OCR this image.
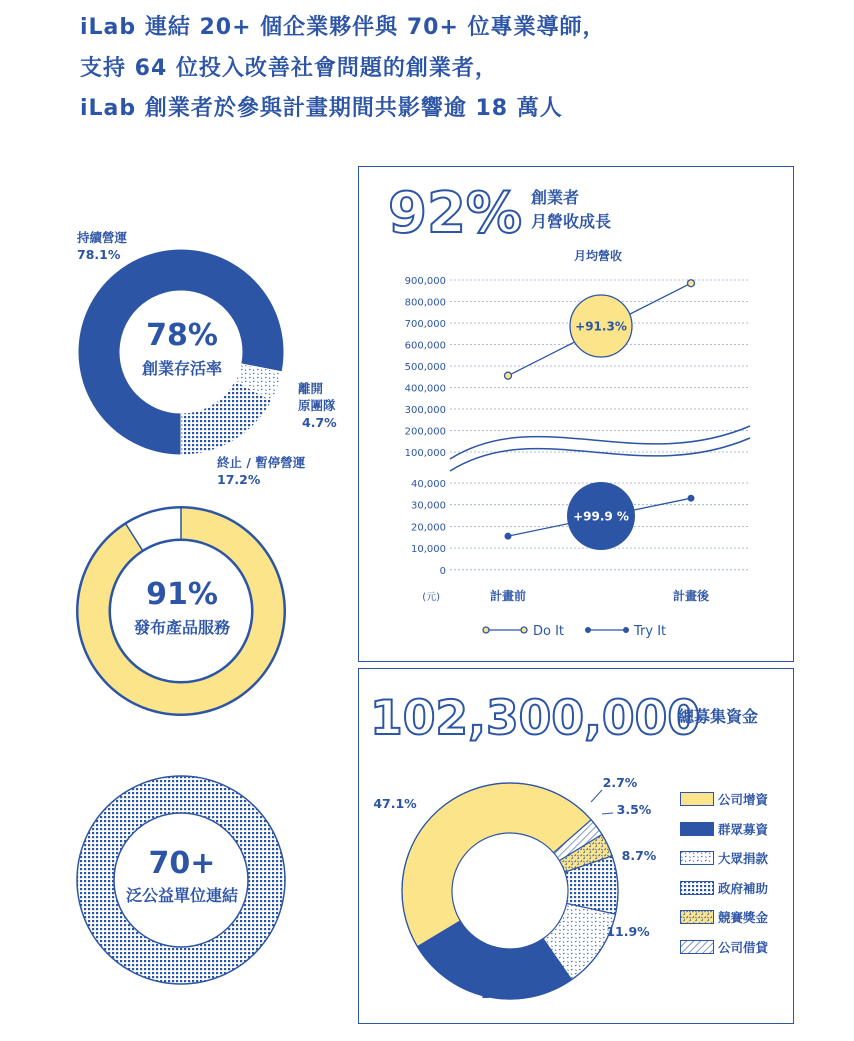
iLab 連結 20+ 個企業夥伴與 70+ 位專業導師，
支持 64 位投入改善社會問題的創業者，
iLab 創業者於參與計畫期間共影響逾 18 萬人
持續營運
78.1%
離開
原團隊
4.7%
終止 / 暫停營運
17.2%
78%
創業存活率
91%
發布產品服務
70+
泛公益單位連結
92% 創業者
月營收成長
月均營收
900,000
800,000
700,000
600,000
500,000
400,000
300,000
200,000
100,000
40,000
30,000
20,000
10,000
0
(元)	計畫前	計畫後
+91.3%
+99.9 %
Do It	Try It
102,300,000
總募集資金
47.1%
26.0%
11.9%
8.7%
3.5%
2.7%
公司增資
群眾募資
大眾捐款
政府補助
競賽獎金
公司借貸
